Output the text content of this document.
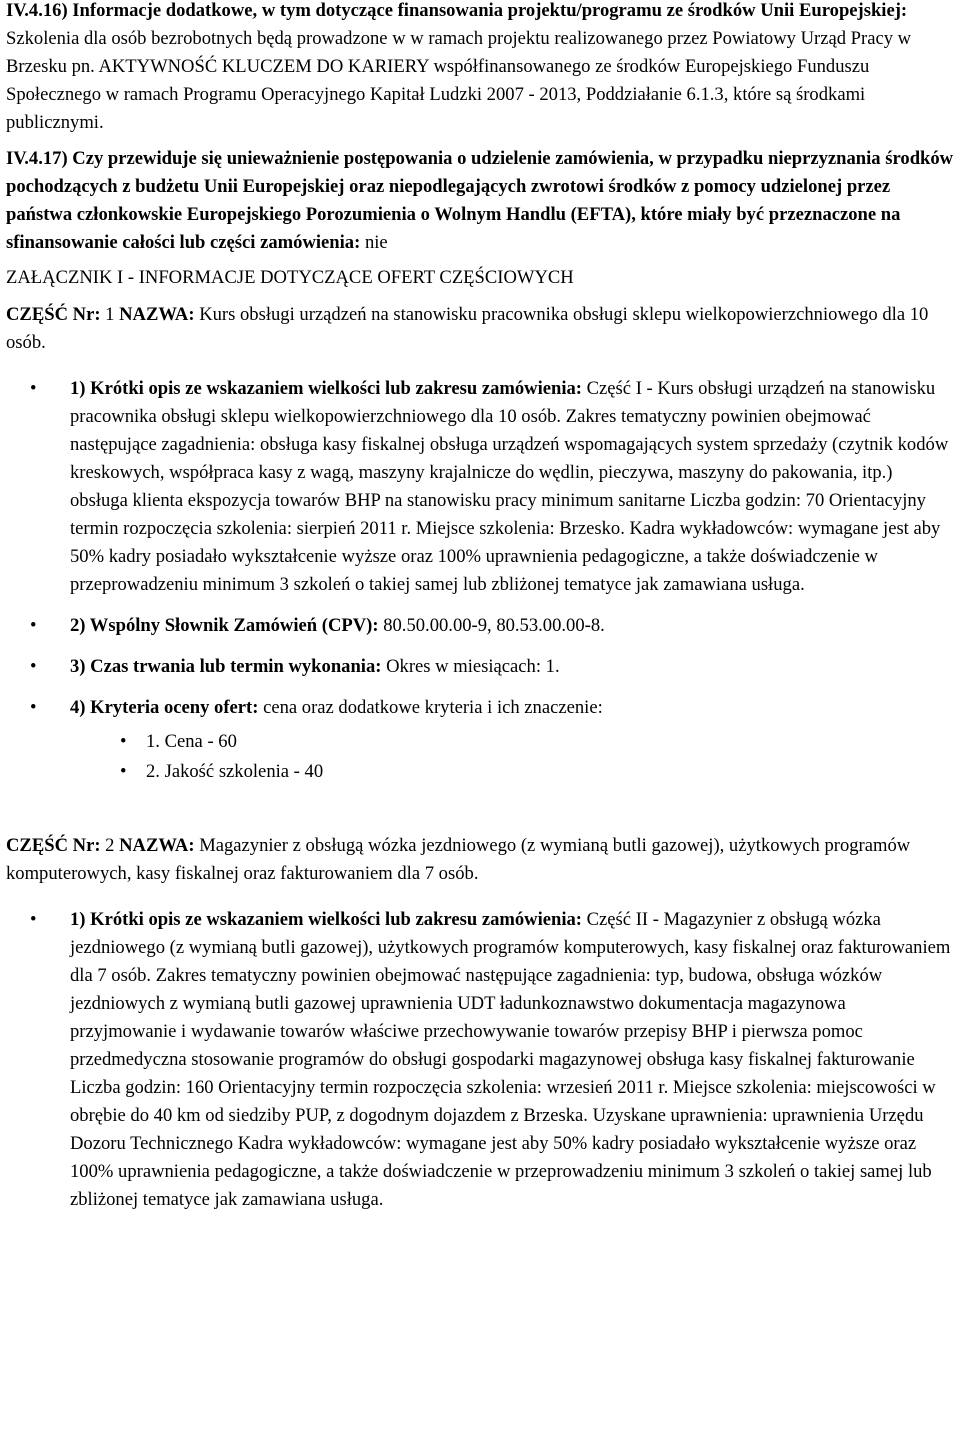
IV.4.16) Informacje dodatkowe, w tym dotyczące finansowania projektu/programu ze środków Unii Europejskiej: Szkolenia dla osób bezrobotnych będą prowadzone w w ramach projektu realizowanego przez Powiatowy Urząd Pracy w Brzesku pn. AKTYWNOŚĆ KLUCZEM DO KARIERY współfinansowanego ze środków Europejskiego Funduszu Społecznego w ramach Programu Operacyjnego Kapitał Ludzki 2007 - 2013, Poddziałanie 6.1.3, które są środkami publicznymi.

IV.4.17) Czy przewiduje się unieważnienie postępowania o udzielenie zamówienia, w przypadku nieprzyznania środków pochodzących z budżetu Unii Europejskiej oraz niepodlegających zwrotowi środków z pomocy udzielonej przez państwa członkowskie Europejskiego Porozumienia o Wolnym Handlu (EFTA), które miały być przeznaczone na sfinansowanie całości lub części zamówienia: nie

ZAŁĄCZNIK I - INFORMACJE DOTYCZĄCE OFERT CZĘŚCIOWYCH

CZĘŚĆ Nr: 1 NAZWA: Kurs obsługi urządzeń na stanowisku pracownika obsługi sklepu wielkopowierzchniowego dla 10 osób.

• 1) Krótki opis ze wskazaniem wielkości lub zakresu zamówienia: Część I - Kurs obsługi urządzeń na stanowisku pracownika obsługi sklepu wielkopowierzchniowego dla 10 osób. Zakres tematyczny powinien obejmować następujące zagadnienia: obsługa kasy fiskalnej obsługa urządzeń wspomagających system sprzedaży (czytnik kodów kreskowych, współpraca kasy z wagą, maszyny krajalnicze do wędlin, pieczywa, maszyny do pakowania, itp.) obsługa klienta ekspozycja towarów BHP na stanowisku pracy minimum sanitarne Liczba godzin: 70 Orientacyjny termin rozpoczęcia szkolenia: sierpień 2011 r. Miejsce szkolenia: Brzesko. Kadra wykładowców: wymagane jest aby 50% kadry posiadało wykształcenie wyższe oraz 100% uprawnienia pedagogiczne, a także doświadczenie w przeprowadzeniu minimum 3 szkoleń o takiej samej lub zbliżonej tematyce jak zamawiana usługa.
• 2) Wspólny Słownik Zamówień (CPV): 80.50.00.00-9, 80.53.00.00-8.
• 3) Czas trwania lub termin wykonania: Okres w miesiącach: 1.
• 4) Kryteria oceny ofert: cena oraz dodatkowe kryteria i ich znaczenie:
• 1. Cena - 60
• 2. Jakość szkolenia - 40

CZĘŚĆ Nr: 2 NAZWA: Magazynier z obsługą wózka jezdniowego (z wymianą butli gazowej), użytkowych programów komputerowych, kasy fiskalnej oraz fakturowaniem dla 7 osób.

• 1) Krótki opis ze wskazaniem wielkości lub zakresu zamówienia: Część II - Magazynier z obsługą wózka jezdniowego (z wymianą butli gazowej), użytkowych programów komputerowych, kasy fiskalnej oraz fakturowaniem dla 7 osób. Zakres tematyczny powinien obejmować następujące zagadnienia: typ, budowa, obsługa wózków jezdniowych z wymianą butli gazowej uprawnienia UDT ładunkoznawstwo dokumentacja magazynowa przyjmowanie i wydawanie towarów właściwe przechowywanie towarów przepisy BHP i pierwsza pomoc przedmedyczna stosowanie programów do obsługi gospodarki magazynowej obsługa kasy fiskalnej fakturowanie Liczba godzin: 160 Orientacyjny termin rozpoczęcia szkolenia: wrzesień 2011 r. Miejsce szkolenia: miejscowości w obrębie do 40 km od siedziby PUP, z dogodnym dojazdem z Brzeska. Uzyskane uprawnienia: uprawnienia Urzędu Dozoru Technicznego Kadra wykładowców: wymagane jest aby 50% kadry posiadało wykształcenie wyższe oraz 100% uprawnienia pedagogiczne, a także doświadczenie w przeprowadzeniu minimum 3 szkoleń o takiej samej lub zbliżonej tematyce jak zamawiana usługa.
